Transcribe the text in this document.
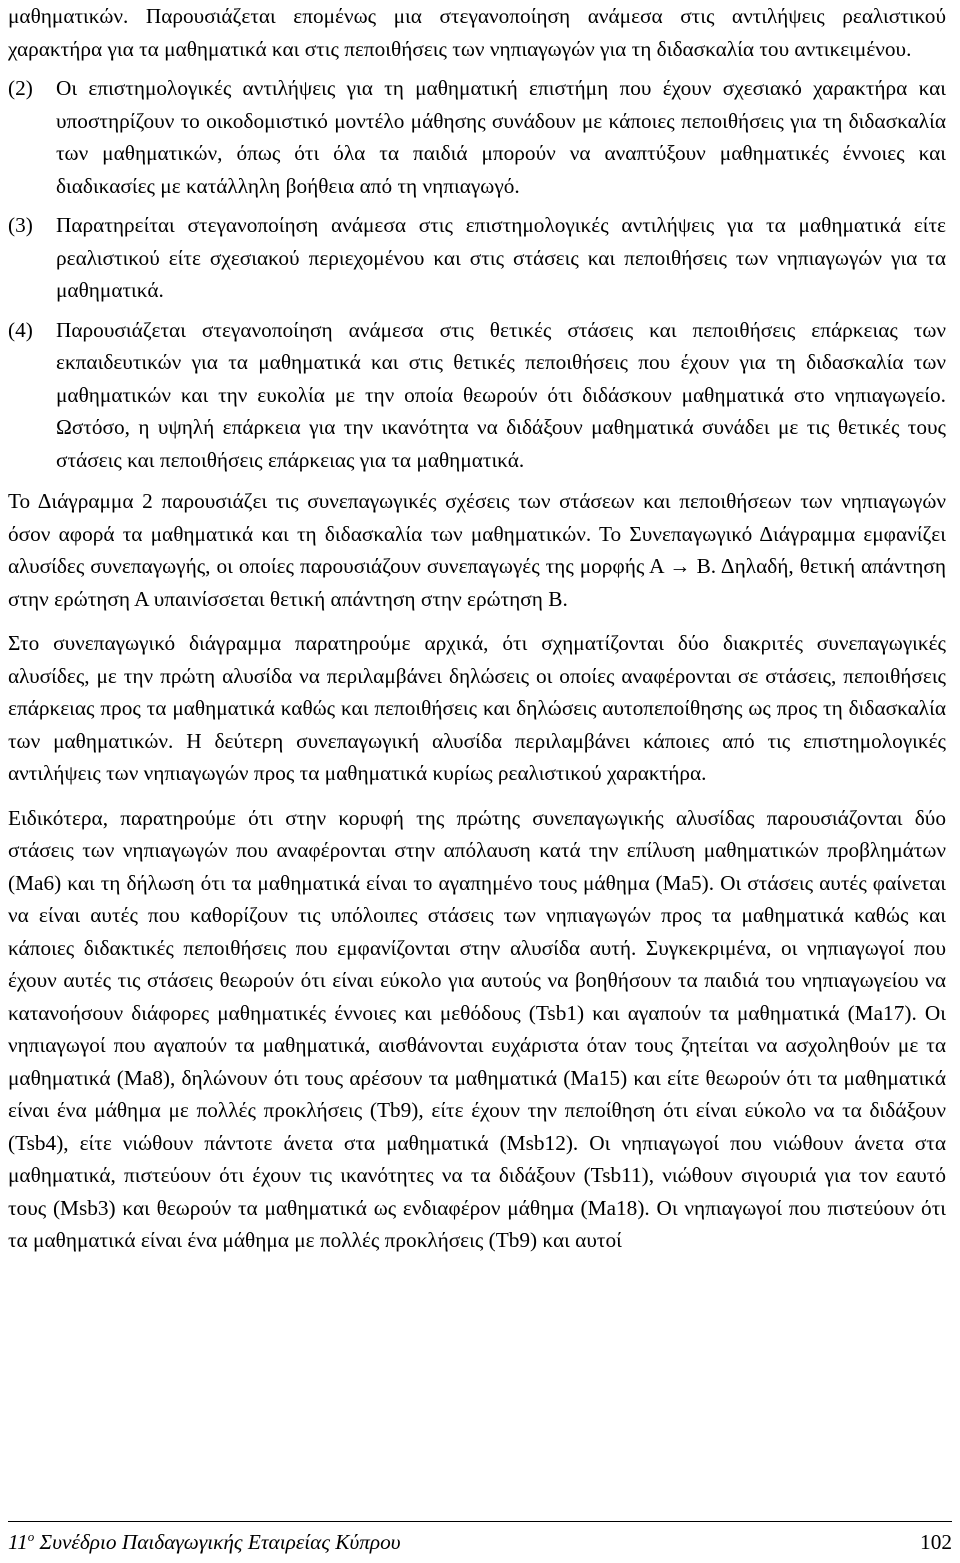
μαθηματικών. Παρουσιάζεται επομένως μια στεγανοποίηση ανάμεσα στις αντιλήψεις ρεαλιστικού χαρακτήρα για τα μαθηματικά και στις πεποιθήσεις των νηπιαγωγών για τη διδασκαλία του αντικειμένου.

(2)	Οι επιστημολογικές αντιλήψεις για τη μαθηματική επιστήμη που έχουν σχεσιακό χαρακτήρα και υποστηρίζουν το οικοδομιστικό μοντέλο μάθησης συνάδουν με κάποιες πεποιθήσεις για τη διδασκαλία των μαθηματικών, όπως ότι όλα τα παιδιά μπορούν να αναπτύξουν μαθηματικές έννοιες και διαδικασίες με κατάλληλη βοήθεια από τη νηπιαγωγό.

(3)	Παρατηρείται στεγανοποίηση ανάμεσα στις επιστημολογικές αντιλήψεις για τα μαθηματικά είτε ρεαλιστικού είτε σχεσιακού περιεχομένου και στις στάσεις και πεποιθήσεις των νηπιαγωγών για τα μαθηματικά.

(4)	Παρουσιάζεται στεγανοποίηση ανάμεσα στις θετικές στάσεις και πεποιθήσεις επάρκειας των εκπαιδευτικών για τα μαθηματικά και στις θετικές πεποιθήσεις που έχουν για τη διδασκαλία των μαθηματικών και την ευκολία με την οποία θεωρούν ότι διδάσκουν μαθηματικά στο νηπιαγωγείο. Ωστόσο, η υψηλή επάρκεια για την ικανότητα να διδάξουν μαθηματικά συνάδει με τις θετικές τους στάσεις και πεποιθήσεις επάρκειας για τα μαθηματικά.

Το Διάγραμμα 2 παρουσιάζει τις συνεπαγωγικές σχέσεις των στάσεων και πεποιθήσεων των νηπιαγωγών όσον αφορά τα μαθηματικά και τη διδασκαλία των μαθηματικών. Το Συνεπαγωγικό Διάγραμμα εμφανίζει αλυσίδες συνεπαγωγής, οι οποίες παρουσιάζουν συνεπαγωγές της μορφής Α → Β. Δηλαδή, θετική απάντηση στην ερώτηση Α υπαινίσσεται θετική απάντηση στην ερώτηση Β.

Στο συνεπαγωγικό διάγραμμα παρατηρούμε αρχικά, ότι σχηματίζονται δύο διακριτές συνεπαγωγικές αλυσίδες, με την πρώτη αλυσίδα να περιλαμβάνει δηλώσεις οι οποίες αναφέρονται σε στάσεις, πεποιθήσεις επάρκειας προς τα μαθηματικά καθώς και πεποιθήσεις και δηλώσεις αυτοπεποίθησης ως προς τη διδασκαλία των μαθηματικών. Η δεύτερη συνεπαγωγική αλυσίδα περιλαμβάνει κάποιες από τις επιστημολογικές αντιλήψεις των νηπιαγωγών προς τα μαθηματικά κυρίως ρεαλιστικού χαρακτήρα.

Ειδικότερα, παρατηρούμε ότι στην κορυφή της πρώτης συνεπαγωγικής αλυσίδας παρουσιάζονται δύο στάσεις των νηπιαγωγών που αναφέρονται στην απόλαυση κατά την επίλυση μαθηματικών προβλημάτων (Ma6) και τη δήλωση ότι τα μαθηματικά είναι το αγαπημένο τους μάθημα (Ma5). Οι στάσεις αυτές φαίνεται να είναι αυτές που καθορίζουν τις υπόλοιπες στάσεις των νηπιαγωγών προς τα μαθηματικά καθώς και κάποιες διδακτικές πεποιθήσεις που εμφανίζονται στην αλυσίδα αυτή. Συγκεκριμένα, οι νηπιαγωγοί που έχουν αυτές τις στάσεις θεωρούν ότι είναι εύκολο για αυτούς να βοηθήσουν τα παιδιά του νηπιαγωγείου να κατανοήσουν διάφορες μαθηματικές έννοιες και μεθόδους (Tsb1) και αγαπούν τα μαθηματικά (Ma17). Οι νηπιαγωγοί που αγαπούν τα μαθηματικά, αισθάνονται ευχάριστα όταν τους ζητείται να ασχοληθούν με τα μαθηματικά (Ma8), δηλώνουν ότι τους αρέσουν τα μαθηματικά (Ma15) και είτε θεωρούν ότι τα μαθηματικά είναι ένα μάθημα με πολλές προκλήσεις (Tb9), είτε έχουν την πεποίθηση ότι είναι εύκολο να τα διδάξουν (Tsb4), είτε νιώθουν πάντοτε άνετα στα μαθηματικά (Msb12). Οι νηπιαγωγοί που νιώθουν άνετα στα μαθηματικά, πιστεύουν ότι έχουν τις ικανότητες να τα διδάξουν (Tsb11), νιώθουν σιγουριά για τον εαυτό τους (Msb3) και θεωρούν τα μαθηματικά ως ενδιαφέρον μάθημα (Ma18). Οι νηπιαγωγοί που πιστεύουν ότι τα μαθηματικά είναι ένα μάθημα με πολλές προκλήσεις (Tb9) και αυτοί

$11^o$ Συνέδριο Παιδαγωγικής Εταιρείας Κύπρου	102
